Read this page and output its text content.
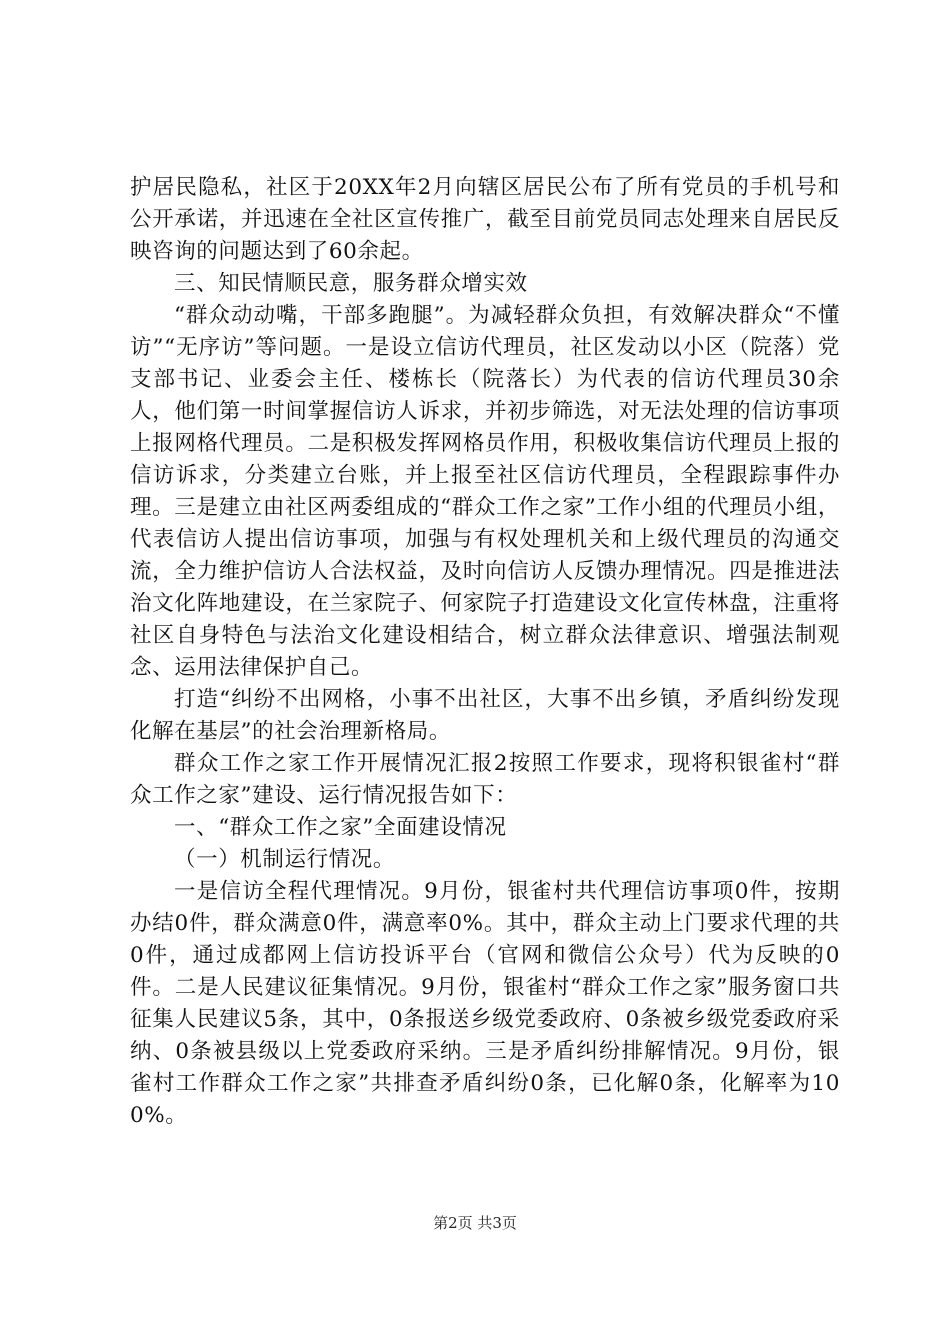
护居民隐私，社区于20XX年2月向辖区居民公布了所有党员的手机号和公开承诺，并迅速在全社区宣传推广，截至目前党员同志处理来自居民反映咨询的问题达到了60余起。

三、知民情顺民意，服务群众增实效

“群众动动嘴，干部多跑腿”。为减轻群众负担，有效解决群众“不懂访”“无序访”等问题。一是设立信访代理员，社区发动以小区（院落）党支部书记、业委会主任、楼栋长（院落长）为代表的信访代理员30余人，他们第一时间掌握信访人诉求，并初步筛选，对无法处理的信访事项上报网格代理员。二是积极发挥网格员作用，积极收集信访代理员上报的信访诉求，分类建立台账，并上报至社区信访代理员，全程跟踪事件办理。三是建立由社区两委组成的“群众工作之家”工作小组的代理员小组，代表信访人提出信访事项，加强与有权处理机关和上级代理员的沟通交流，全力维护信访人合法权益，及时向信访人反馈办理情况。四是推进法治文化阵地建设，在兰家院子、何家院子打造建设文化宣传林盘，注重将社区自身特色与法治文化建设相结合，树立群众法律意识、增强法制观念、运用法律保护自己。

打造“纠纷不出网格，小事不出社区，大事不出乡镇，矛盾纠纷发现化解在基层”的社会治理新格局。

群众工作之家工作开展情况汇报2按照工作要求，现将积银雀村“群众工作之家”建设、运行情况报告如下：

一、“群众工作之家”全面建设情况

（一）机制运行情况。

一是信访全程代理情况。9月份，银雀村共代理信访事项0件，按期办结0件，群众满意0件，满意率0%。其中，群众主动上门要求代理的共0件，通过成都网上信访投诉平台（官网和微信公众号）代为反映的0件。二是人民建议征集情况。9月份，银雀村“群众工作之家”服务窗口共征集人民建议5条，其中，0条报送乡级党委政府、0条被乡级党委政府采纳、0条被县级以上党委政府采纳。三是矛盾纠纷排解情况。9月份，银雀村工作群众工作之家”共排查矛盾纠纷0条，已化解0条，化解率为100%。

第2页 共3页
